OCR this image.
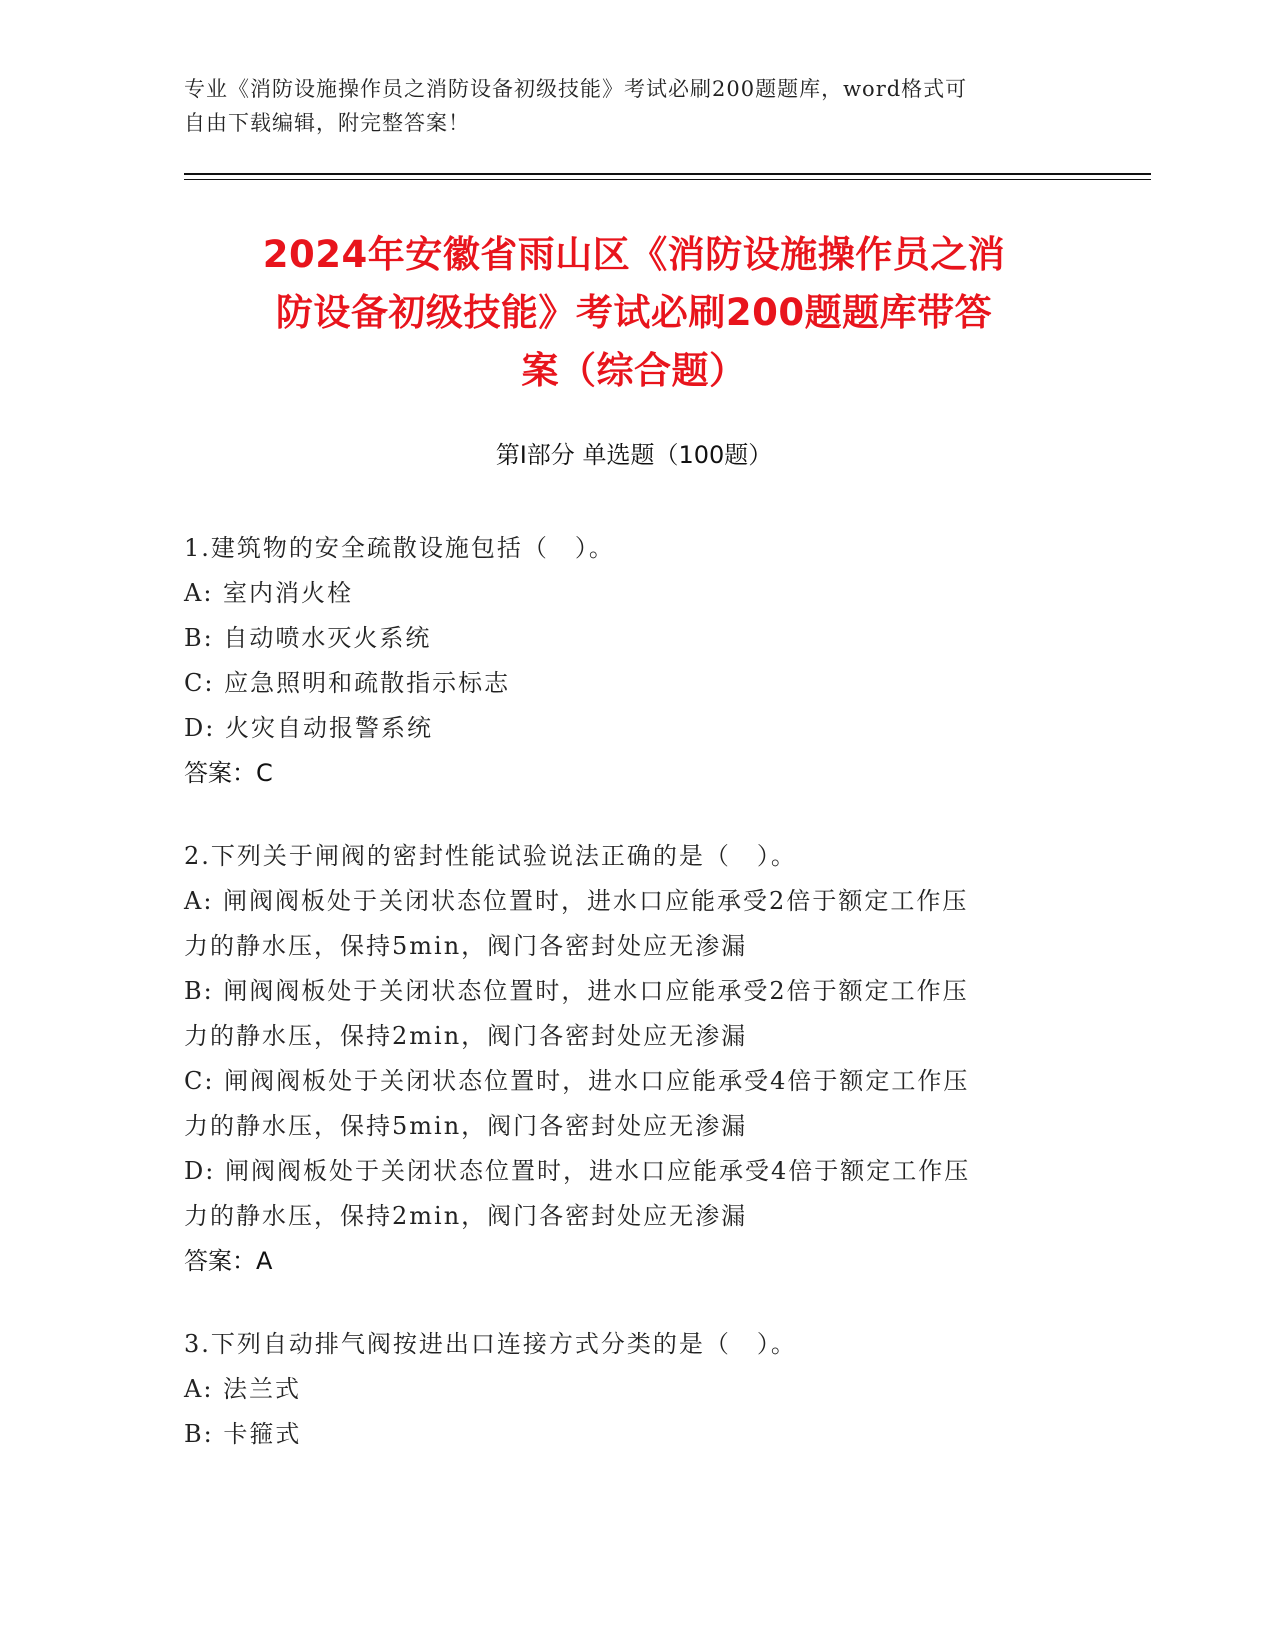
专业《消防设施操作员之消防设备初级技能》考试必刷200题题库，word格式可
自由下载编辑，附完整答案！
2024年安徽省雨山区《消防设施操作员之消
防设备初级技能》考试必刷200题题库带答
案（综合题）
第Ⅰ部分 单选题（100题）
1.建筑物的安全疏散设施包括（　）。
A: 室内消火栓
B: 自动喷水灭火系统
C: 应急照明和疏散指示标志
D: 火灾自动报警系统
答案：C
2.下列关于闸阀的密封性能试验说法正确的是（　）。
A: 闸阀阀板处于关闭状态位置时，进水口应能承受2倍于额定工作压
力的静水压，保持5min，阀门各密封处应无渗漏
B: 闸阀阀板处于关闭状态位置时，进水口应能承受2倍于额定工作压
力的静水压，保持2min，阀门各密封处应无渗漏
C: 闸阀阀板处于关闭状态位置时，进水口应能承受4倍于额定工作压
力的静水压，保持5min，阀门各密封处应无渗漏
D: 闸阀阀板处于关闭状态位置时，进水口应能承受4倍于额定工作压
力的静水压，保持2min，阀门各密封处应无渗漏
答案：A
3.下列自动排气阀按进出口连接方式分类的是（　）。
A: 法兰式
B: 卡箍式
